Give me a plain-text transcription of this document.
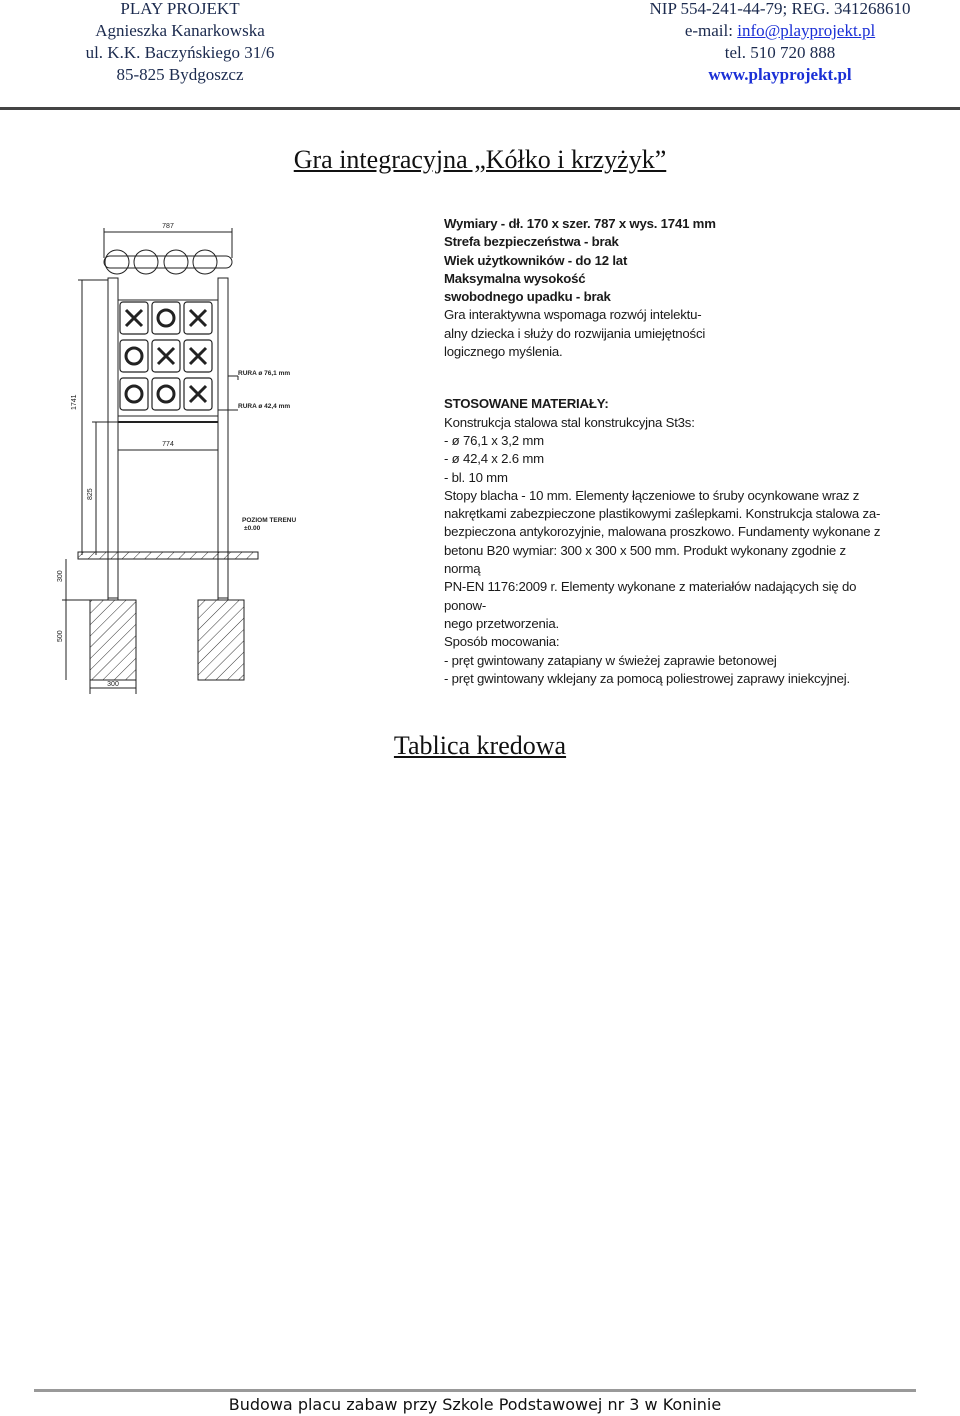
PLAY PROJEKT
Agnieszka Kanarkowska
ul. K.K. Baczyńskiego 31/6
85-825 Bydgoszcz
NIP 554-241-44-79; REG. 341268610
e-mail: info@playprojekt.pl
tel. 510 720 888
www.playprojekt.pl
Gra integracyjna „Kółko i krzyżyk”
787
1741
774
825
300
500
300
RURA ø 76,1 mm
RURA ø 42,4 mm
POZIOM TERENU
±0.00

Wymiary - dł. 170 x szer. 787 x wys. 1741 mm

Strefa bezpieczeństwa - brak

Wiek użytkowników - do 12 lat

Maksymalna wysokość

swobodnego upadku - brak

Gra interaktywna wspomaga rozwój intelektu-

alny dziecka i służy do rozwijania umiejętności

logicznego myślenia.

STOSOWANE MATERIAŁY:

Konstrukcja stalowa stal konstrukcyjna St3s:

- ø 76,1 x 3,2 mm

- ø 42,4 x 2.6 mm

- bl. 10 mm

Stopy blacha - 10 mm. Elementy łączeniowe to śruby ocynkowane wraz z

nakrętkami zabezpieczone plastikowymi zaślepkami. Konstrukcja stalowa za-

bezpieczona antykorozyjnie, malowana proszkowo. Fundamenty wykonane z

betonu B20 wymiar: 300 x 300 x 500 mm. Produkt wykonany zgodnie z normą

PN-EN 1176:2009 r. Elementy wykonane z materiałów nadających się do ponow-

nego przetworzenia.

Sposób mocowania:

- pręt gwintowany zatapiany w świeżej zaprawie betonowej

- pręt gwintowany wklejany za pomocą poliestrowej zaprawy iniekcyjnej.

Tablica kredowa
Budowa placu zabaw przy Szkole Podstawowej nr 3 w Koninie
